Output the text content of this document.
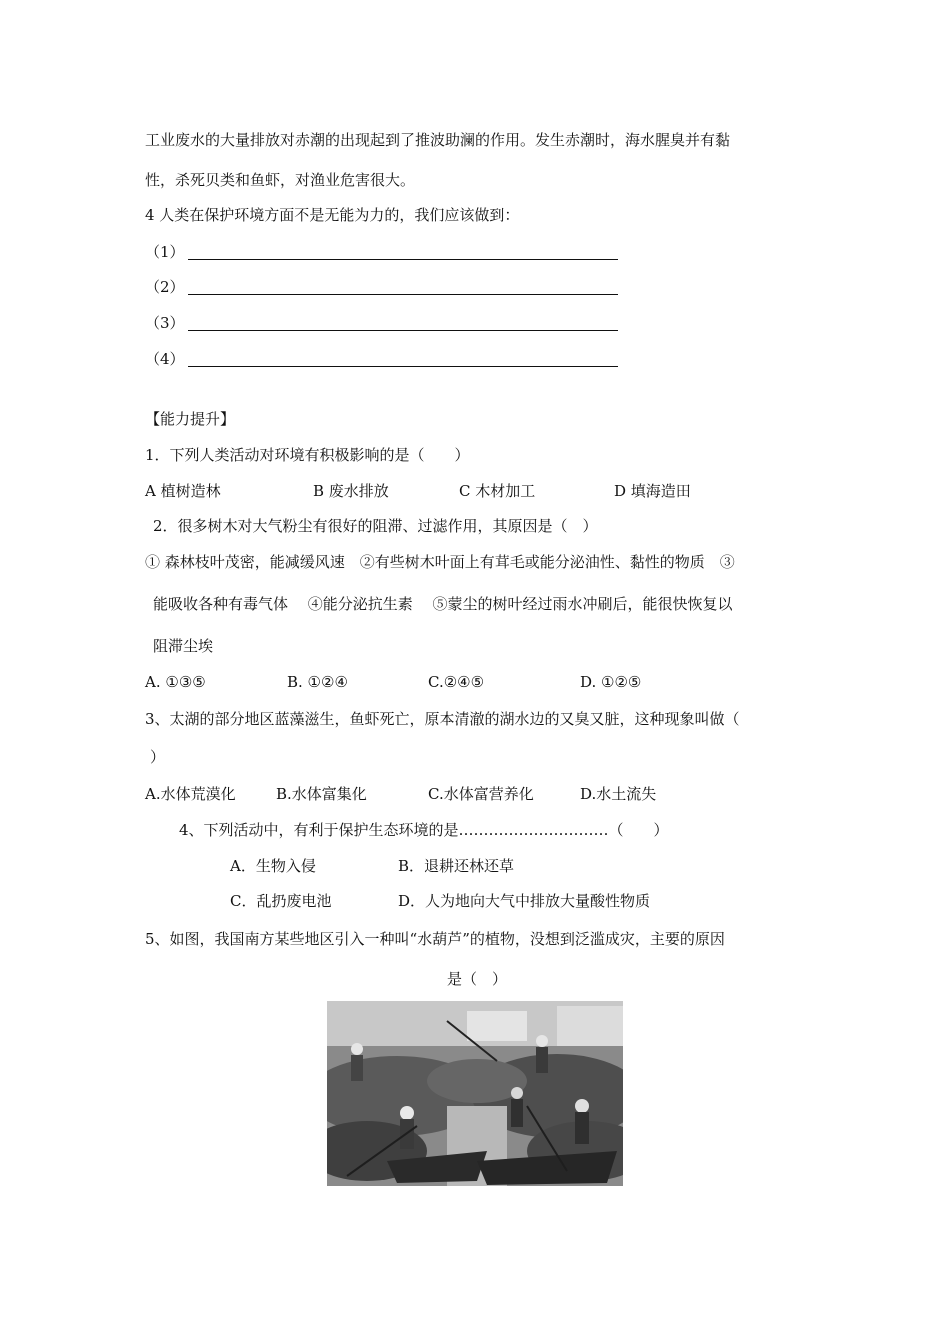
工业废水的大量排放对赤潮的出现起到了推波助澜的作用。发生赤潮时，海水腥臭并有黏
性，杀死贝类和鱼虾，对渔业危害很大。
4 人类在保护环境方面不是无能为力的，我们应该做到：
（1）
（2）
（3）
（4）
【能力提升】
1．下列人类活动对环境有积极影响的是（　　）
A 植树造林	B 废水排放	C 木材加工	D 填海造田
2．很多树木对大气粉尘有很好的阻滞、过滤作用，其原因是（　）
① 森林枝叶茂密，能减缓风速　②有些树木叶面上有茸毛或能分泌油性、黏性的物质　③
能吸收各种有毒气体　 ④能分泌抗生素　 ⑤蒙尘的树叶经过雨水冲刷后，能很快恢复以
阻滞尘埃
A. ①③⑤	B. ①②④	C.②④⑤	D. ①②⑤
3、太湖的部分地区蓝藻滋生，鱼虾死亡，原本清澈的湖水边的又臭又脏，这种现象叫做（
）
A.水体荒漠化	B.水体富集化	C.水体富营养化	D.水土流失
4、下列活动中，有利于保护生态环境的是…………………………（　　）
A．生物入侵	B．退耕还林还草
C．乱扔废电池	D．人为地向大气中排放大量酸性物质
5、如图，我国南方某些地区引入一种叫“水葫芦”的植物，没想到泛滥成灾，主要的原因
是（　）
